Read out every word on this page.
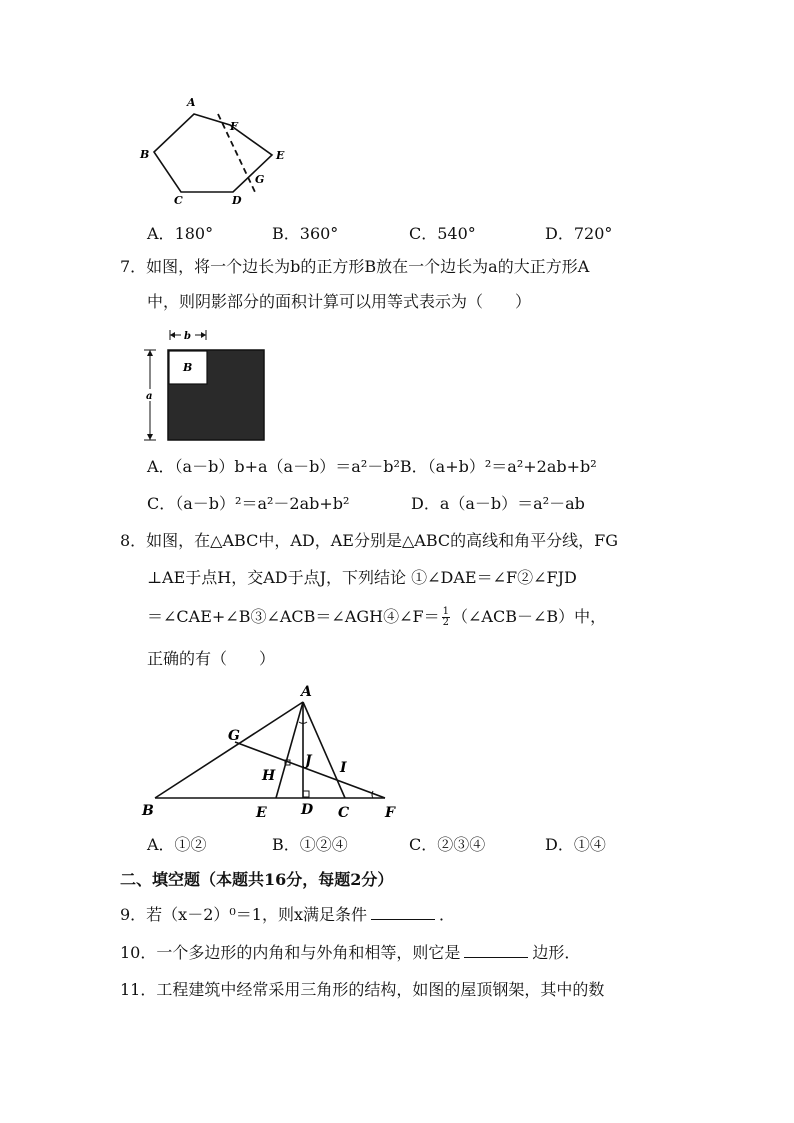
A
B
C	D
E
F
G
A．180°	B．360°	C．540°	D．720°
7．如图，将一个边长为b的正方形B放在一个边长为a的大正方形A
中，则阴影部分的面积计算可以用等式表示为（　　）
b
a
B
A．（a－b）b+a（a－b）＝a²－b²B．（a+b）²＝a²+2ab+b²
C．（a－b）²＝a²－2ab+b²	D．a（a－b）＝a²－ab
8．如图，在△ABC中，AD，AE分别是△ABC的高线和角平分线，FG
⊥AE于点H，交AD于点J，下列结论 ①∠DAE＝∠F②∠FJD
＝∠CAE+∠B③∠ACB＝∠AGH④∠F＝ $\frac{1}{2}$ （∠ACB－∠B）中，
正确的有（　　）
A
G
J I
H
B	E D C	F
A．①②	B．①②④	C．②③④	D．①④
二、填空题（本题共16分，每题2分）
9．若（x－2）⁰＝1，则x满足条件	．
10．一个多边形的内角和与外角和相等，则它是	边形．
11．工程建筑中经常采用三角形的结构，如图的屋顶钢架，其中的数
